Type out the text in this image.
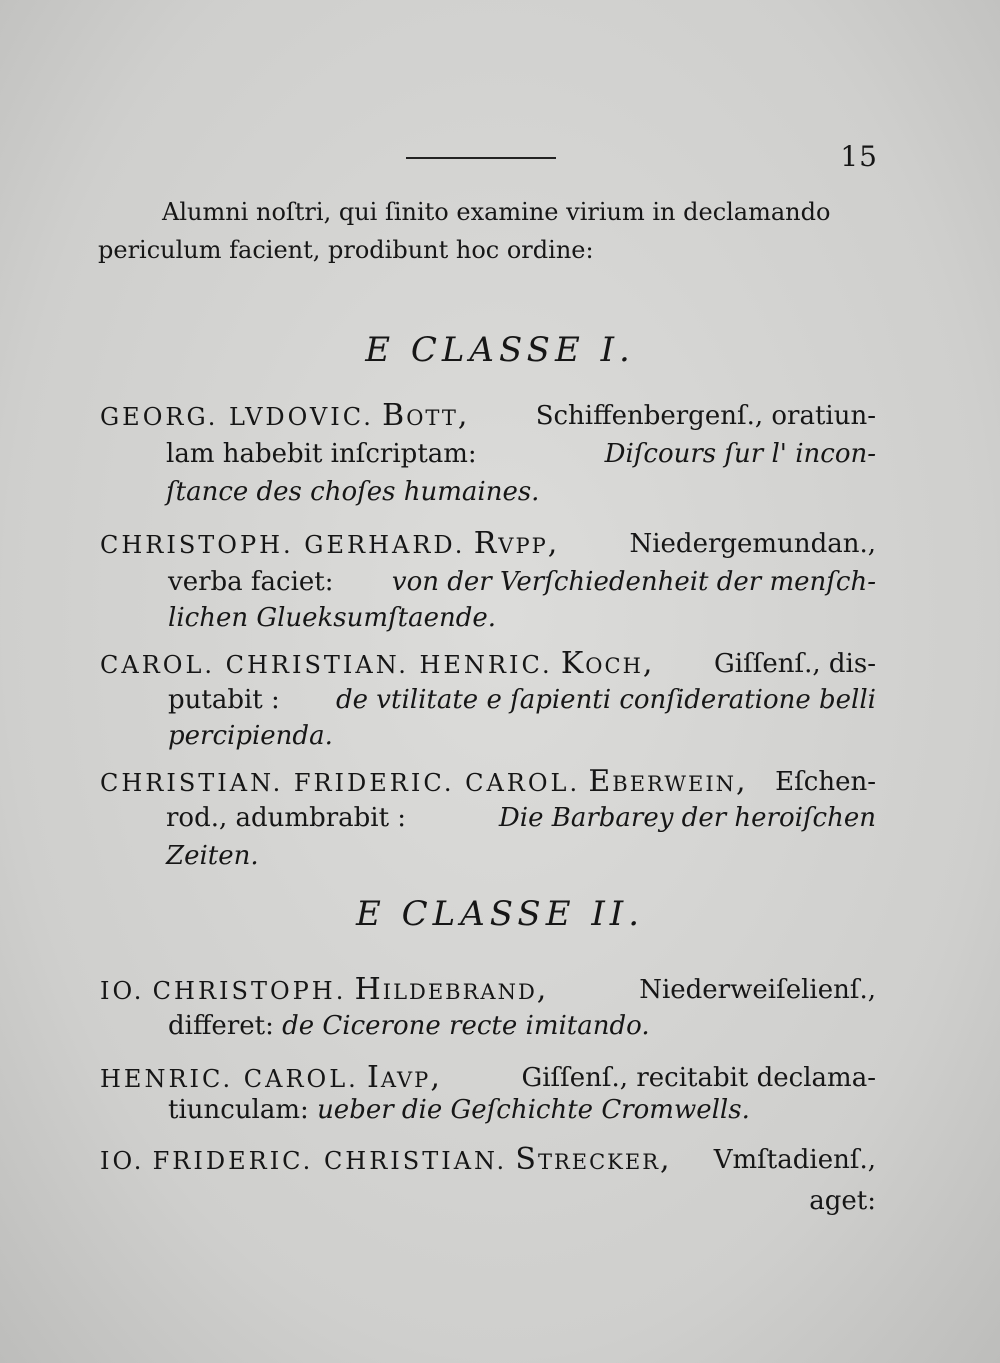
15
Alumni noſtri, qui ſinito examine virium in declamando
periculum facient, prodibunt hoc ordine:
E CLASSE I.
GEORG. LVDOVIC. Bott,	Schiffenbergenſ., oratiun-
lam habebit inſcriptam:	Diſcours ſur l' incon-
ſtance des choſes humaines.
CHRISTOPH. GERHARD. Rvpp,	Niedergemundan.,
verba faciet: von der Verſchiedenheit der menſch-
lichen Glueksumſtaende.
CAROL. CHRISTIAN. HENRIC. Koch, Giſſenſ., dis-
putabit : de vtilitate e ſapienti conſideratione belli
percipienda.
CHRISTIAN. FRIDERIC. CAROL. Eberwein, Eſchen-
rod., adumbrabit :	Die Barbarey der heroiſchen
Zeiten.
E CLASSE II.
IO. CHRISTOPH. Hildebrand,	Niederweiſelienſ.,
differet: de Cicerone recte imitando.
HENRIC. CAROL. Iavp,	Giſſenſ., recitabit declama-
tiunculam: ueber die Geſchichte Cromwells.
IO. FRIDERIC. CHRISTIAN. Strecker, Vmſtadienſ.,
aget:
